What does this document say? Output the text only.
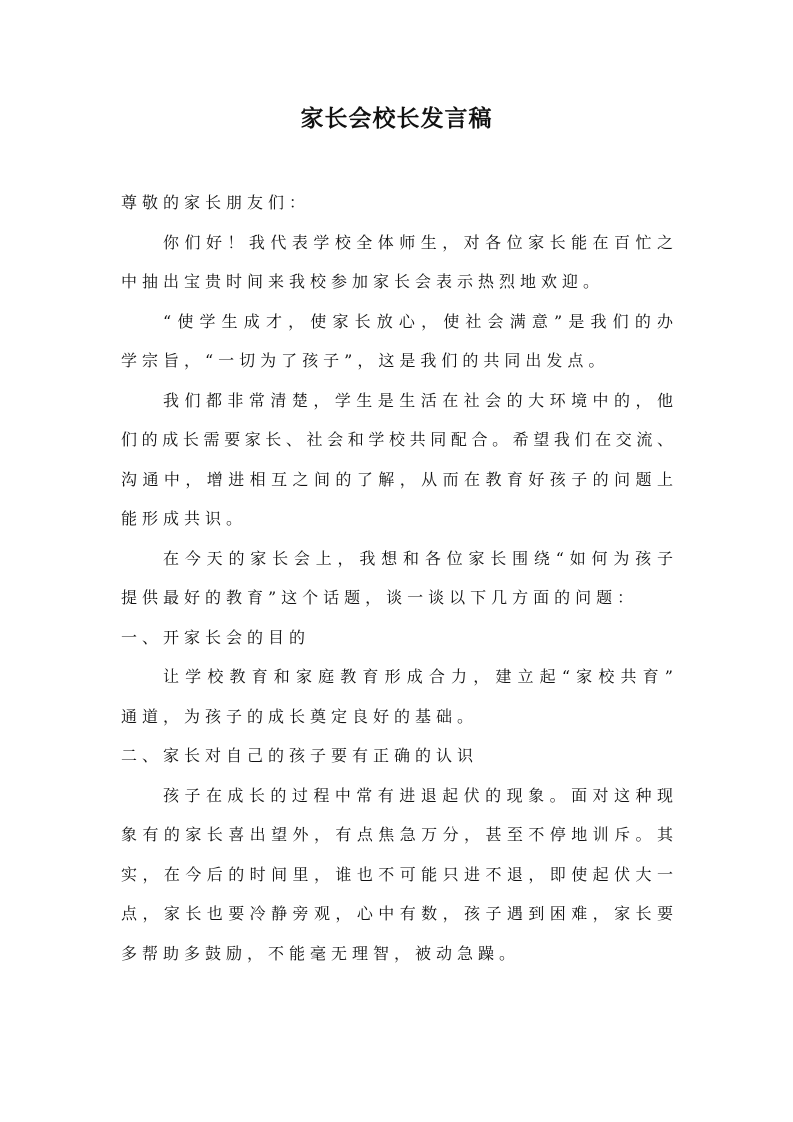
家长会校长发言稿
尊敬的家长朋友们：
你们好！我代表学校全体师生，对各位家长能在百忙之
中抽出宝贵时间来我校参加家长会表示热烈地欢迎。
“使学生成才，使家长放心，使社会满意”是我们的办
学宗旨，“一切为了孩子”，这是我们的共同出发点。
我们都非常清楚，学生是生活在社会的大环境中的，他
们的成长需要家长、社会和学校共同配合。希望我们在交流、
沟通中，增进相互之间的了解，从而在教育好孩子的问题上
能形成共识。
在今天的家长会上，我想和各位家长围绕“如何为孩子
提供最好的教育”这个话题，谈一谈以下几方面的问题：
一、开家长会的目的
让学校教育和家庭教育形成合力，建立起“家校共育”
通道，为孩子的成长奠定良好的基础。
二、家长对自己的孩子要有正确的认识
孩子在成长的过程中常有进退起伏的现象。面对这种现
象有的家长喜出望外，有点焦急万分，甚至不停地训斥。其
实，在今后的时间里，谁也不可能只进不退，即使起伏大一
点，家长也要冷静旁观，心中有数，孩子遇到困难，家长要
多帮助多鼓励，不能毫无理智，被动急躁。
